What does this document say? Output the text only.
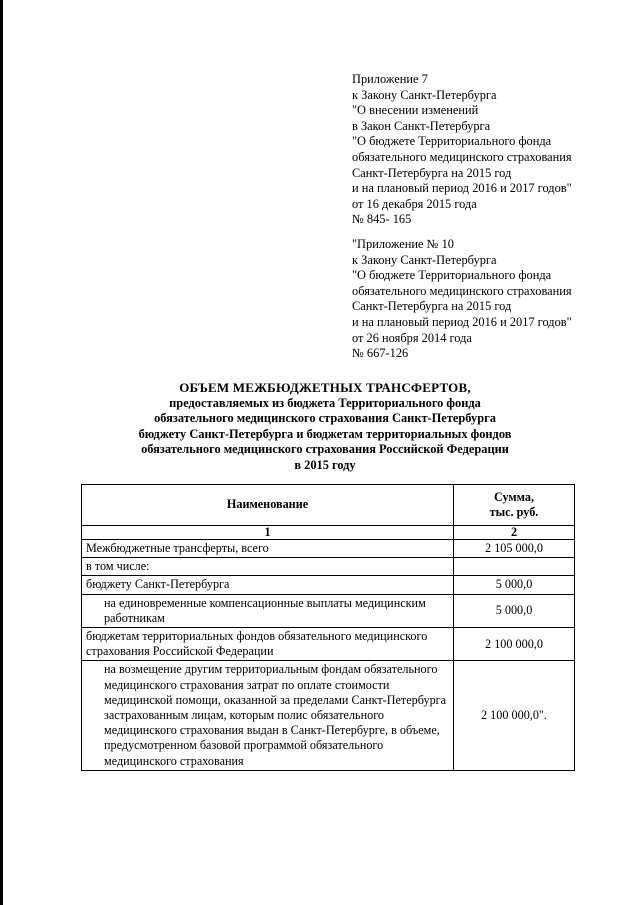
Приложение 7
к Закону Санкт-Петербурга
"О внесении изменений
в Закон Санкт-Петербурга
"О бюджете Территориального фонда
обязательного медицинского страхования
Санкт-Петербурга на 2015 год
и на плановый период 2016 и 2017 годов"
от 16 декабря 2015 года
№ 845- 165
"Приложение № 10
к Закону Санкт-Петербурга
"О бюджете Территориального фонда
обязательного медицинского страхования
Санкт-Петербурга на 2015 год
и на плановый период 2016 и 2017 годов"
от 26 ноября 2014 года
№ 667-126
ОБЪЕМ МЕЖБЮДЖЕТНЫХ ТРАНСФЕРТОВ,
предоставляемых из бюджета Территориального фонда
обязательного медицинского страхования Санкт-Петербурга
бюджету Санкт-Петербурга и бюджетам территориальных фондов
обязательного медицинского страхования Российской Федерации
в 2015 году
Наименование	Сумма,
тыс. руб.

1	2
Межбюджетные трансферты, всего	2 105 000,0
в том числе:	
бюджету Санкт-Петербурга	5 000,0
на единовременные компенсационные выплаты медицинским работникам	5 000,0
бюджетам территориальных фондов обязательного медицинского страхования Российской Федерации	2 100 000,0
на возмещение другим территориальным фондам обязательного медицинского страхования затрат по оплате стоимости медицинской помощи, оказанной за пределами Санкт-Петербурга застрахованным лицам, которым полис обязательного медицинского страхования выдан в Санкт-Петербурге, в объеме, предусмотренном базовой программой обязательного медицинского страхования	2 100 000,0".
